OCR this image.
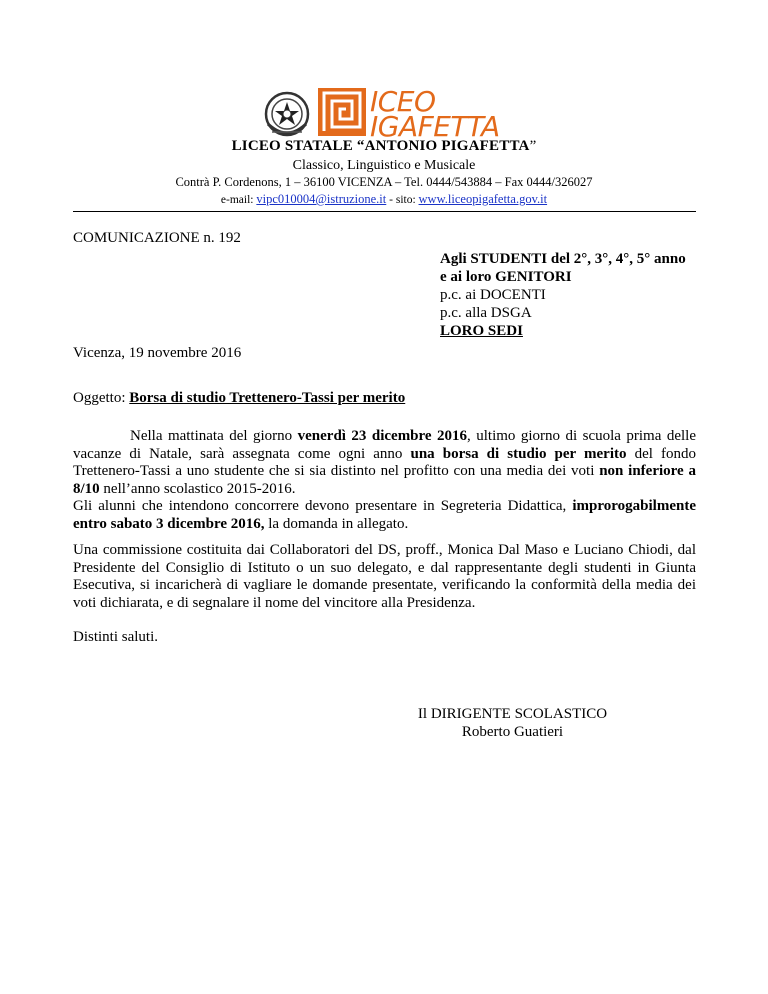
ICEO
IGAFETTA
LICEO STATALE “ANTONIO PIGAFETTA”
Classico, Linguistico e Musicale
Contrà P. Cordenons, 1 – 36100 VICENZA – Tel. 0444/543884 – Fax 0444/326027
e-mail: vipc010004@istruzione.it - sito: www.liceopigafetta.gov.it
COMUNICAZIONE n. 192
Agli STUDENTI del 2°, 3°, 4°, 5° anno
e ai loro GENITORI
p.c. ai DOCENTI
p.c. alla DSGA
LORO SEDI
Vicenza, 19 novembre 2016
Oggetto: Borsa di studio Trettenero-Tassi per merito

Nella mattinata del giorno venerdì 23 dicembre 2016, ultimo giorno di scuola prima delle vacanze di Natale, sarà assegnata come ogni anno una borsa di studio per merito del fondo Trettenero-Tassi a uno studente che si sia distinto nel profitto con una media dei voti non inferiore a 8/10 nell’anno scolastico 2015-2016.

Gli alunni che intendono concorrere devono presentare in Segreteria Didattica, improrogabilmente entro sabato 3 dicembre 2016, la domanda in allegato.

Una commissione costituita dai Collaboratori del DS, proff., Monica Dal Maso e Luciano Chiodi, dal Presidente del Consiglio di Istituto o un suo delegato, e dal rappresentante degli studenti in Giunta Esecutiva, si incaricherà di vagliare le domande presentate, verificando la conformità della media dei voti dichiarata, e di segnalare il nome del vincitore alla Presidenza.

Distinti saluti.
Il DIRIGENTE SCOLASTICO
Roberto Guatieri
